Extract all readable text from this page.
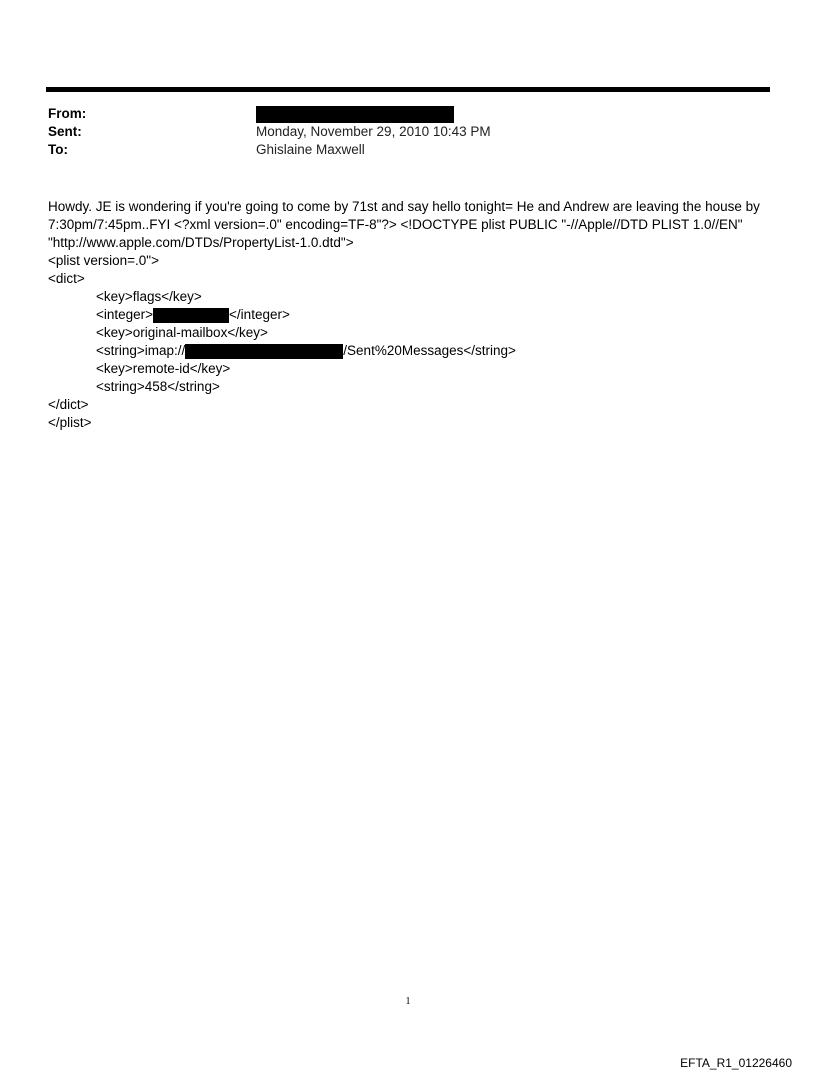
From:
Sent:	Monday, November 29, 2010 10:43 PM
To:	Ghislaine Maxwell

Howdy. JE is wondering if you're going to come by 71st and say hello tonight= He and Andrew are leaving the house by 7:30pm/7:45pm..FYI <?xml version=.0" encoding=TF-8"?> <!DOCTYPE plist PUBLIC "-//Apple//DTD PLIST 1.0//EN" "http://www.apple.com/DTDs/PropertyList-1.0.dtd">

<plist version=.0">
<dict>
<key>flags</key>
<integer>	</integer>
<key>original-mailbox</key>
<string>imap://	/Sent%20Messages</string>
<key>remote-id</key>
<string>458</string>
</dict>
</plist>
1
EFTA_R1_01226460
